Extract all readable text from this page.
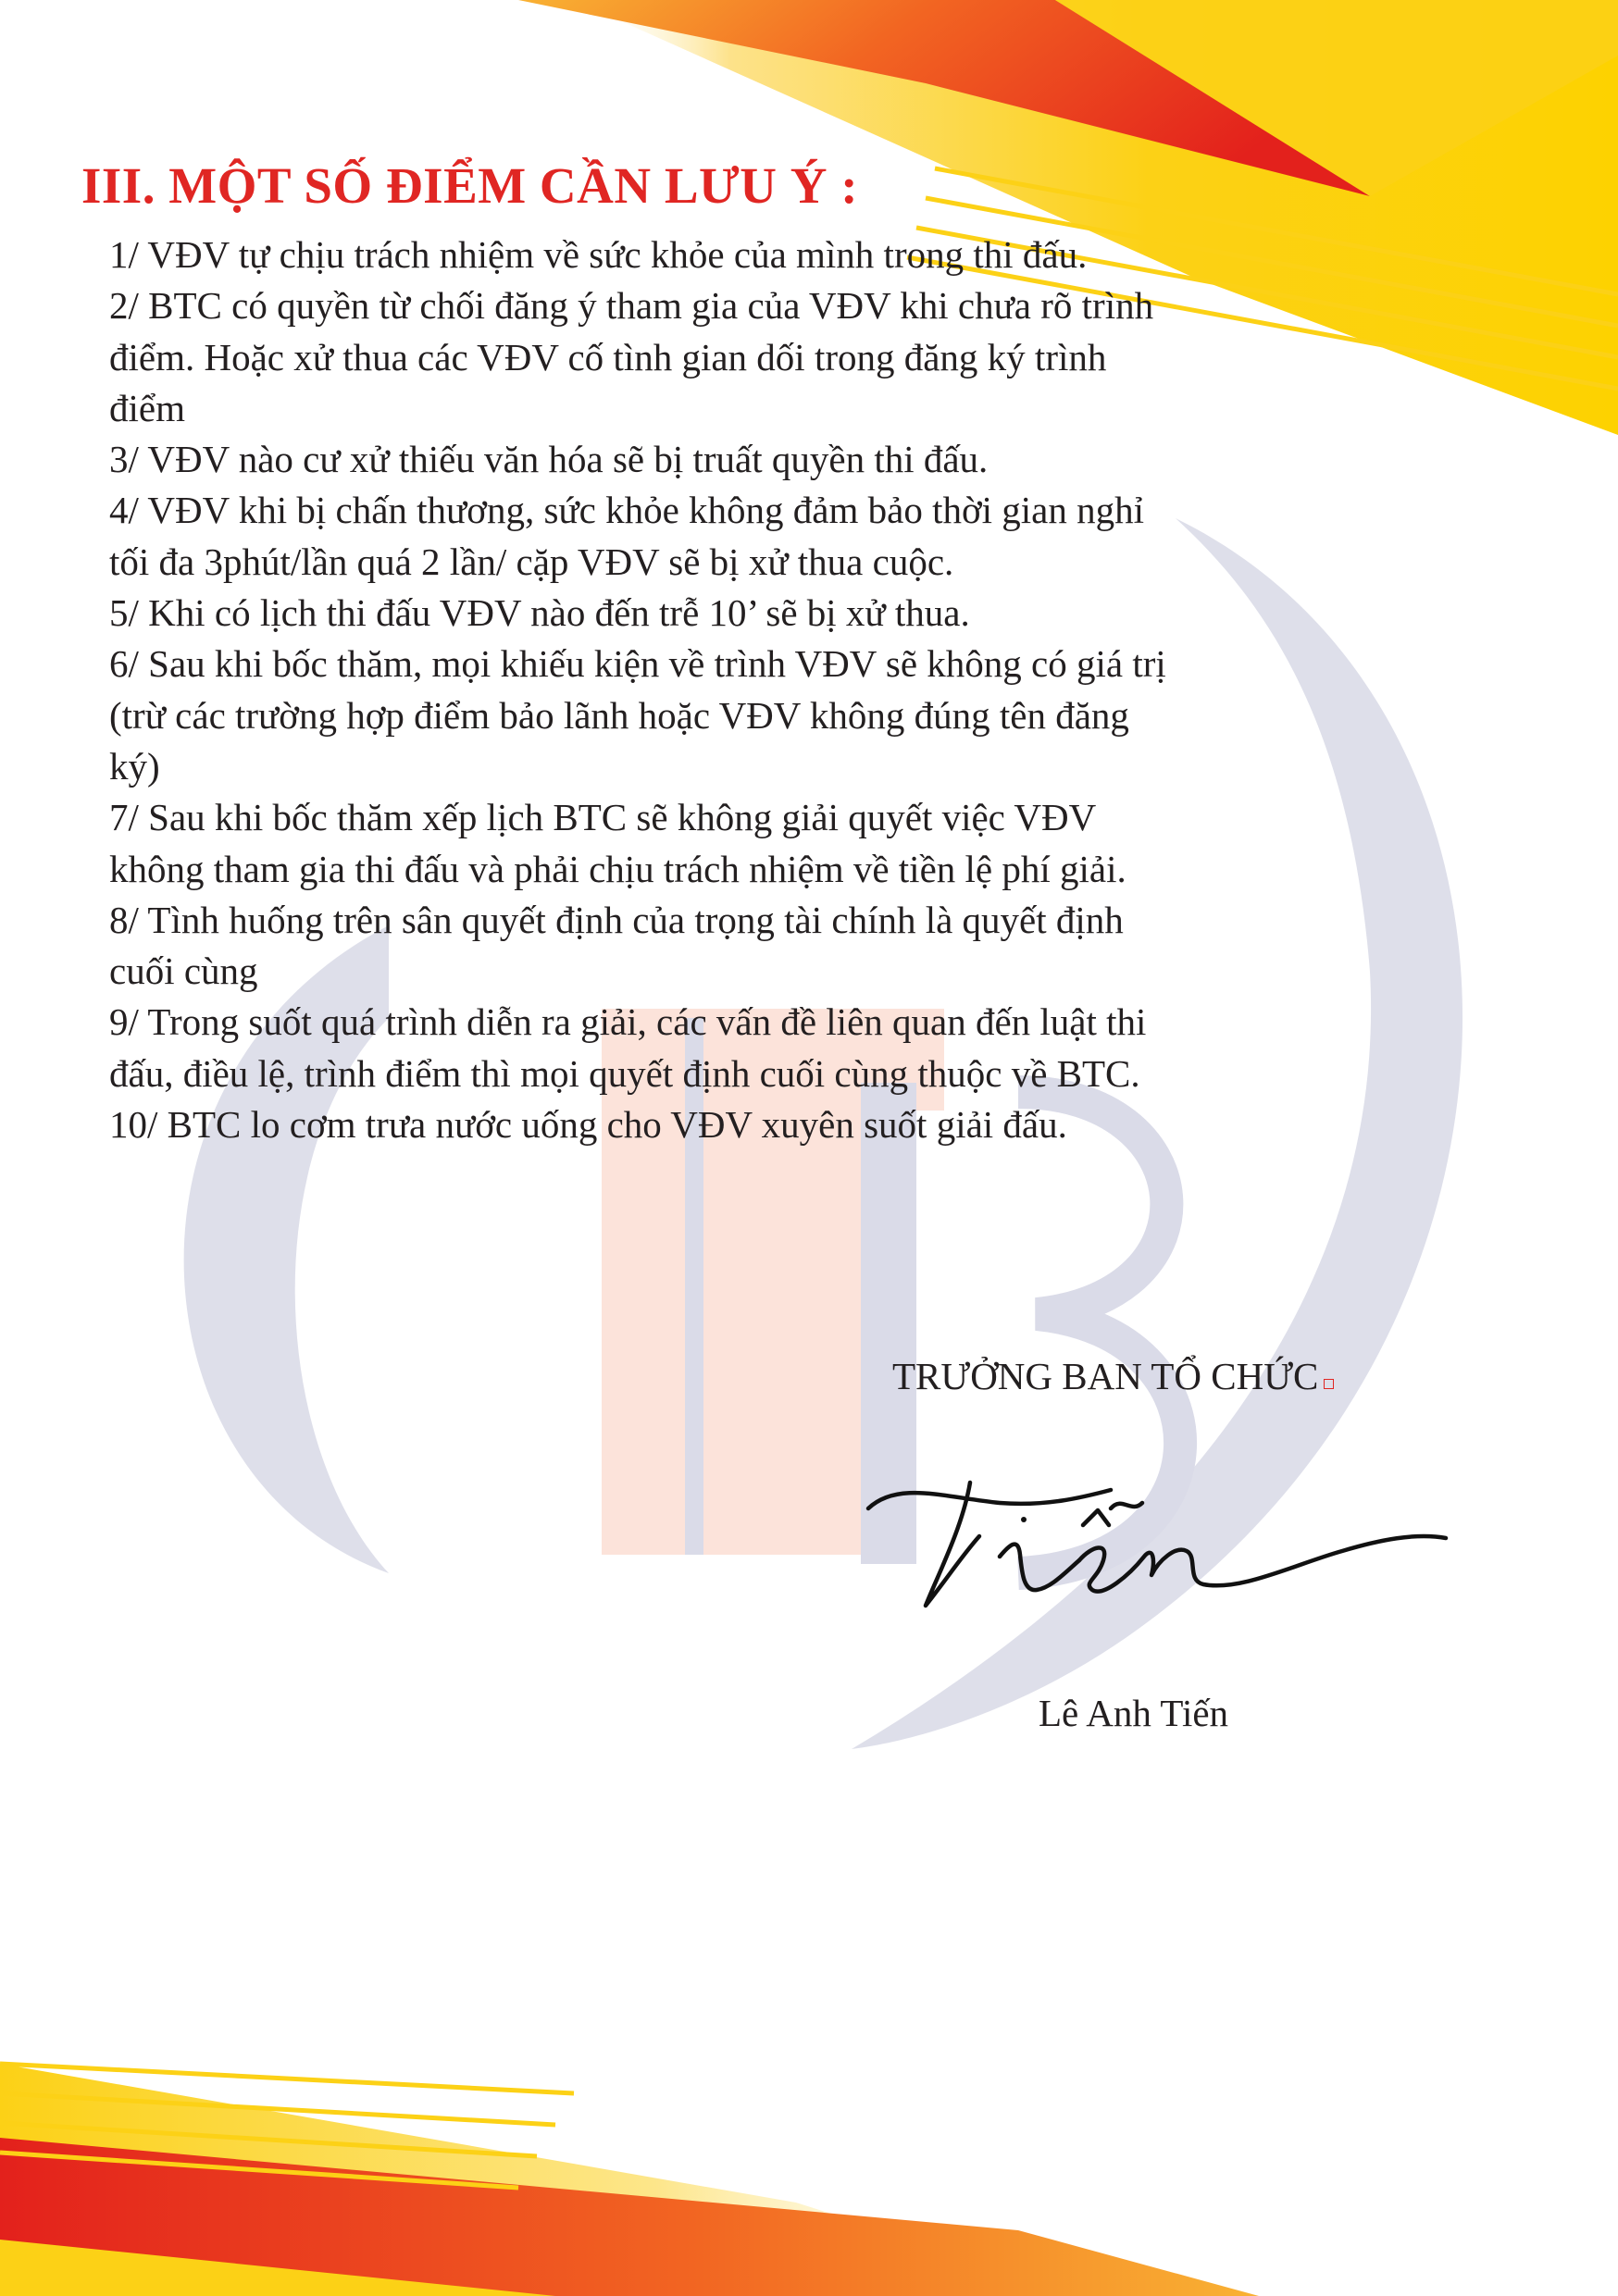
III. MỘT SỐ ĐIỂM CẦN LƯU Ý :
1/ VĐV tự chịu trách nhiệm về sức khỏe của mình trong thi đấu.
2/ BTC có quyền từ chối đăng ý tham gia của VĐV khi chưa rõ trình
điểm. Hoặc xử thua các VĐV cố tình gian dối trong đăng ký trình
điểm
3/ VĐV nào cư xử thiếu văn hóa sẽ bị truất quyền thi đấu.
4/ VĐV khi bị chấn thương, sức khỏe không đảm bảo thời gian nghỉ
tối đa 3phút/lần quá 2 lần/ cặp VĐV sẽ bị xử thua cuộc.
5/ Khi có lịch thi đấu VĐV nào đến trễ 10’ sẽ bị xử thua.
6/ Sau khi bốc thăm, mọi khiếu kiện về trình VĐV sẽ không có giá trị
(trừ các trường hợp điểm bảo lãnh hoặc VĐV không đúng tên đăng
ký)
7/ Sau khi bốc thăm xếp lịch BTC sẽ không giải quyết việc VĐV
không tham gia thi đấu và phải chịu trách nhiệm về tiền lệ phí giải.
8/ Tình huống trên sân quyết định của trọng tài chính là quyết định
cuối cùng
9/ Trong suốt quá trình diễn ra giải, các vấn đề liên quan đến luật thi
đấu, điều lệ, trình điểm thì mọi quyết định cuối cùng thuộc về BTC.
10/ BTC lo cơm trưa nước uống cho VĐV xuyên suốt giải đấu.
TRƯỞNG BAN TỔ CHỨC
Lê Anh Tiến
